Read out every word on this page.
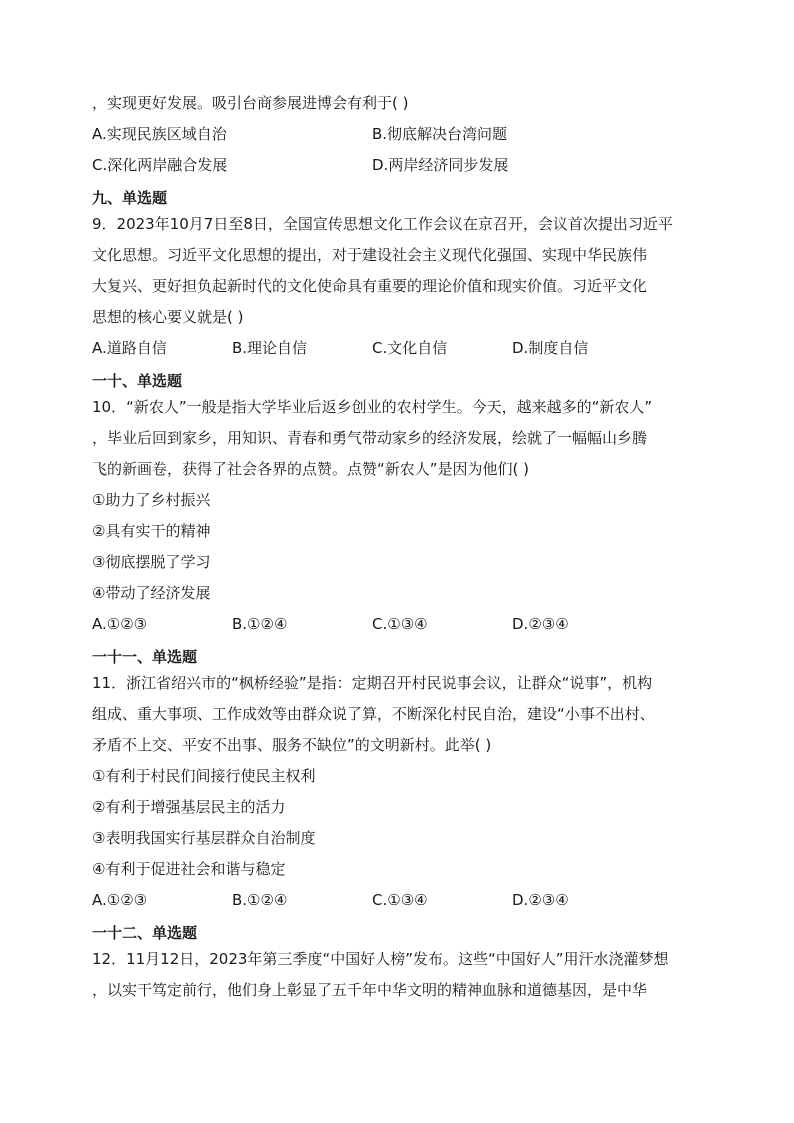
，实现更好发展。吸引台商参展进博会有利于( )
A.实现民族区域自治	B.彻底解决台湾问题
C.深化两岸融合发展	D.两岸经济同步发展
九、单选题
9．2023年10月7日至8日，全国宣传思想文化工作会议在京召开，会议首次提出习近平
文化思想。习近平文化思想的提出，对于建设社会主义现代化强国、实现中华民族伟
大复兴、更好担负起新时代的文化使命具有重要的理论价值和现实价值。习近平文化
思想的核心要义就是( )
A.道路自信	B.理论自信	C.文化自信	D.制度自信
一十、单选题
10．“新农人”一般是指大学毕业后返乡创业的农村学生。今天，越来越多的“新农人”
，毕业后回到家乡，用知识、青春和勇气带动家乡的经济发展，绘就了一幅幅山乡腾
飞的新画卷，获得了社会各界的点赞。点赞“新农人”是因为他们( )
①助力了乡村振兴
②具有实干的精神
③彻底摆脱了学习
④带动了经济发展
A.①②③	B.①②④	C.①③④	D.②③④
一十一、单选题
11．浙江省绍兴市的“枫桥经验”是指：定期召开村民说事会议，让群众“说事”，机构
组成、重大事项、工作成效等由群众说了算，不断深化村民自治，建设“小事不出村、
矛盾不上交、平安不出事、服务不缺位”的文明新村。此举( )
①有利于村民们间接行使民主权利
②有利于增强基层民主的活力
③表明我国实行基层群众自治制度
④有利于促进社会和谐与稳定
A.①②③	B.①②④	C.①③④	D.②③④
一十二、单选题
12．11月12日，2023年第三季度“中国好人榜”发布。这些“中国好人”用汗水浇灌梦想
，以实干笃定前行，他们身上彰显了五千年中华文明的精神血脉和道德基因，是中华
